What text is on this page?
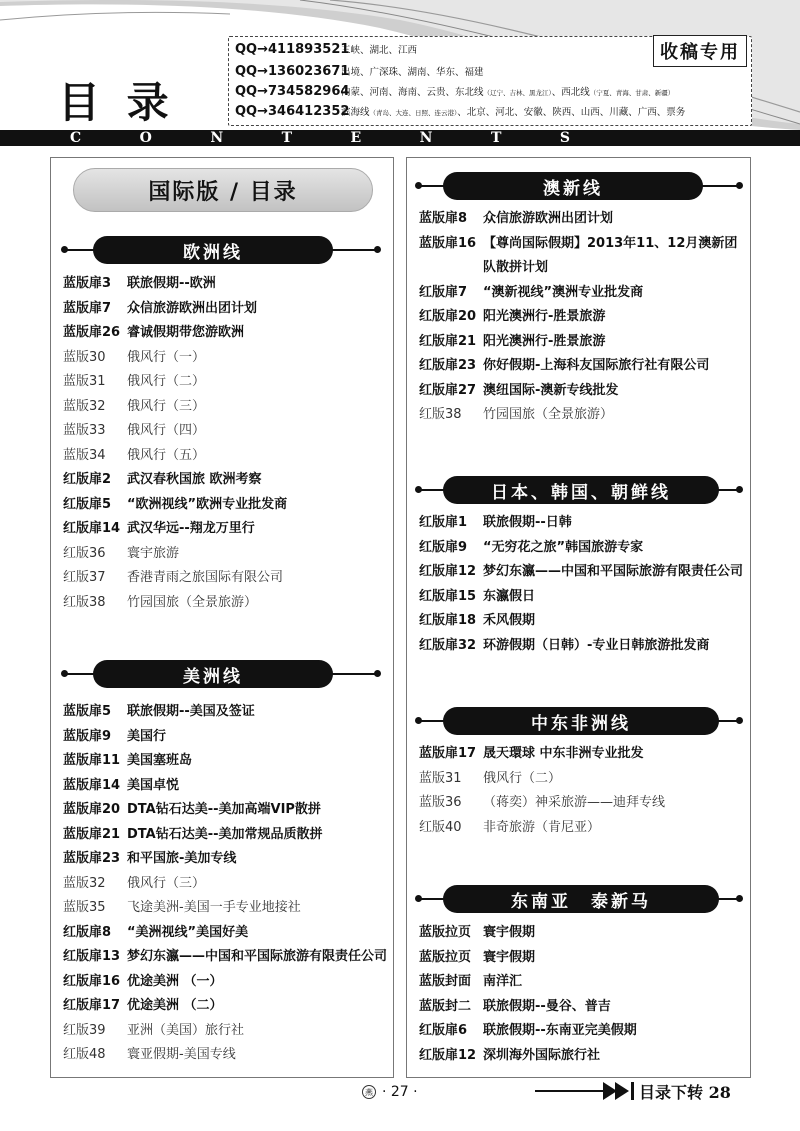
目 录
收稿专用
QQ→411893521
三峡、湖北、江西
QQ→136023671
出境、广深珠、湖南、华东、福建
QQ→734582964
内蒙、河南、海南、云贵、东北线（辽宁、吉林、黑龙江）、西北线（宁夏、青海、甘肃、新疆）
QQ→346412352
滨海线（青岛、大连、日照、连云港）、北京、河北、安徽、陕西、山西、川藏、广西、票务
C	O	N	T	E	N	T	S
国际版 / 目录
欧洲线
蓝版扉3	联旅假期--欧洲
蓝版扉7	众信旅游欧洲出团计划
蓝版扉26 睿诚假期带您游欧洲
蓝版30	俄风行（一）
蓝版31	俄风行（二）
蓝版32	俄风行（三）
蓝版33	俄风行（四）
蓝版34	俄风行（五）
红版扉2	武汉春秋国旅 欧洲考察
红版扉5	“欧洲视线”欧洲专业批发商
红版扉14 武汉华远--翔龙万里行
红版36	寰宇旅游
红版37	香港青雨之旅国际有限公司
红版38	竹园国旅（全景旅游）
美洲线
蓝版扉5	联旅假期--美国及签证
蓝版扉9	美国行
蓝版扉11 美国塞班岛
蓝版扉14 美国卓悦
蓝版扉20 DTA钻石达美--美加高端VIP散拼
蓝版扉21 DTA钻石达美--美加常规品质散拼
蓝版扉23 和平国旅-美加专线
蓝版32	俄风行（三）
蓝版35	飞途美洲-美国一手专业地接社
红版扉8	“美洲视线”美国好美
红版扉13 梦幻东瀛——中国和平国际旅游有限责任公司
红版扉16 优途美洲 （一）
红版扉17 优途美洲 （二）
红版39	亚洲（美国）旅行社
红版48	寰亚假期-美国专线
澳新线
蓝版扉8	众信旅游欧洲出团计划
蓝版扉16 【尊尚国际假期】2013年11、12月澳新团队散拼计划
红版扉7	“澳新视线”澳洲专业批发商
红版扉20 阳光澳洲行-胜景旅游
红版扉21 阳光澳洲行-胜景旅游
红版扉23 你好假期-上海科友国际旅行社有限公司
红版扉27 澳纽国际-澳新专线批发
红版38	竹园国旅（全景旅游）
日本、韩国、朝鲜线
红版扉1	联旅假期--日韩
红版扉9	“无穷花之旅”韩国旅游专家
红版扉12 梦幻东瀛——中国和平国际旅游有限责任公司
红版扉15 东瀛假日
红版扉18 禾风假期
红版扉32 环游假期（日韩）-专业日韩旅游批发商
中东非洲线
蓝版扉17 晟天環球 中东非洲专业批发
蓝版31	俄风行（二）
蓝版36	（蒋奕）神采旅游——迪拜专线
红版40	非奇旅游（肯尼亚）
东南亚　泰新马
蓝版拉页 寰宇假期
蓝版拉页 寰宇假期
蓝版封面 南洋汇
蓝版封二 联旅假期--曼谷、普吉
红版扉6	联旅假期--东南亚完美假期
红版扉12 深圳海外国际旅行社
燕 · 27 ·	目录下转 28
